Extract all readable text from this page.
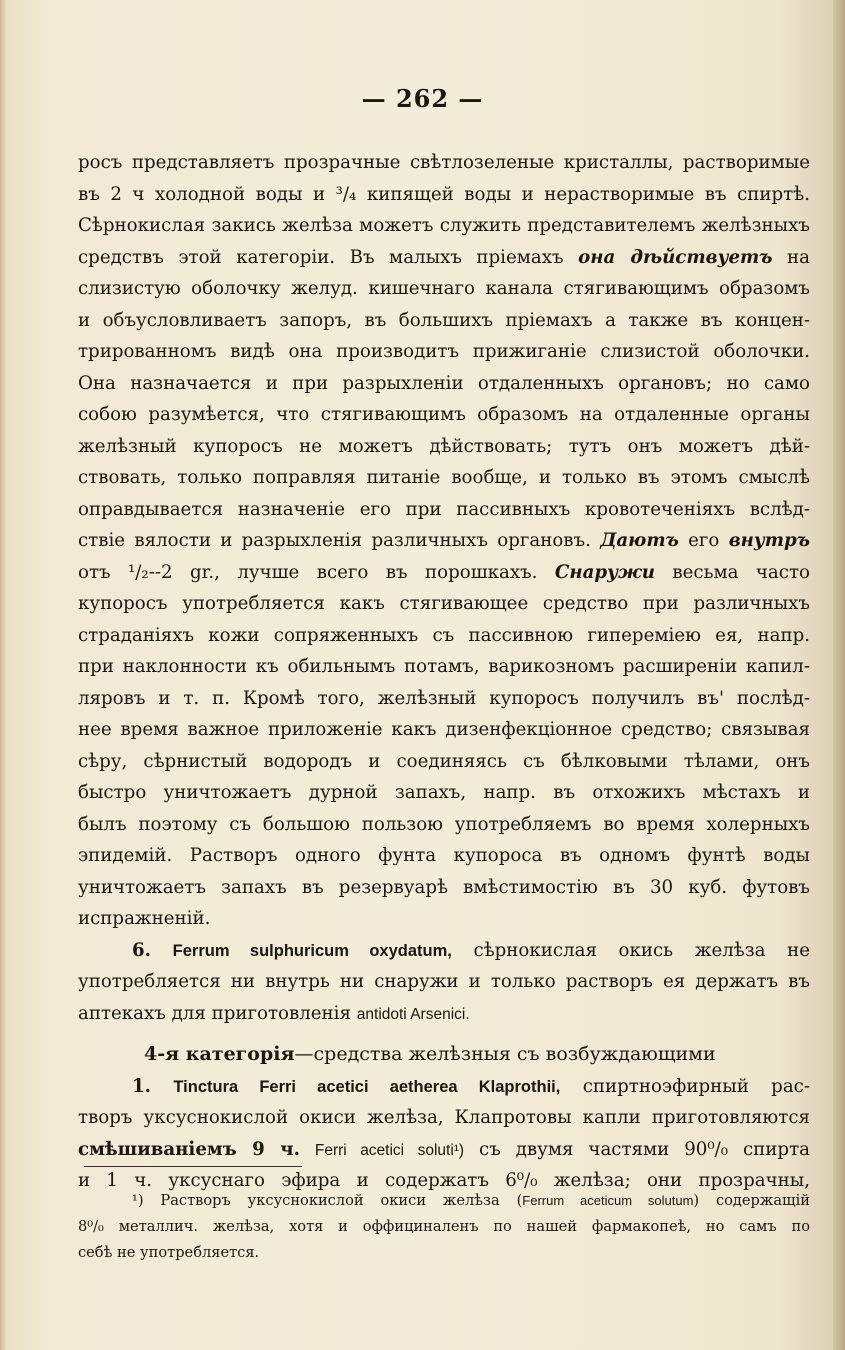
— 262 —
росъ представляетъ прозрачные свѣтлозеленые кристаллы, растворимые
въ 2 ч холодной воды и ³/₄ кипящей воды и нерастворимые въ спиртѣ.
Сѣрнокислая закись желѣза можетъ служить представителемъ желѣзныхъ
средствъ этой категоріи. Въ малыхъ пріемахъ она дѣйствуетъ на
слизистую оболочку желуд. кишечнаго канала стягивающимъ образомъ
и объусловливаетъ запоръ, въ большихъ пріемахъ а также въ концен-
трированномъ видѣ она производитъ прижиганіе слизистой оболочки.
Она назначается и при разрыхленіи отдаленныхъ органовъ; но само
собою разумѣется, что стягивающимъ образомъ на отдаленные органы
желѣзный купоросъ не можетъ дѣйствовать; тутъ онъ можетъ дѣй-
ствовать, только поправляя питаніе вообще, и только въ этомъ смыслѣ
оправдывается назначеніе его при пассивныхъ кровотеченіяхъ вслѣд-
ствіе вялости и разрыхленія различныхъ органовъ. Даютъ его внутръ
отъ ¹/₂--2 gr., лучше всего въ порошкахъ. Снаружи весьма часто
купоросъ употребляется какъ стягивающее средство при различныхъ
страданіяхъ кожи сопряженныхъ съ пассивною гипереміею ея, напр.
при наклонности къ обильнымъ потамъ, варикозномъ расширеніи капил-
ляровъ и т. п. Кромѣ того, желѣзный купоросъ получилъ въ' послѣд-
нее время важное приложеніе какъ дизенфекціонное средство; связывая
сѣру, сѣрнистый водородъ и соединяясь съ бѣлковыми тѣлами, онъ
быстро уничтожаетъ дурной запахъ, напр. въ отхожихъ мѣстахъ и
былъ поэтому съ большою пользою употребляемъ во время холерныхъ
эпидемій. Растворъ одного фунта купороса въ одномъ фунтѣ воды
уничтожаетъ запахъ въ резервуарѣ вмѣстимостію въ 30 куб. футовъ
испражненій.
6. Ferrum sulphuricum oxydatum, сѣрнокислая окись желѣза не
употребляется ни внутрь ни снаружи и только растворъ ея держатъ въ
аптекахъ для приготовленія antidoti Arsenici.
4-я категорія—средства желѣзныя съ возбуждающими
1. Tinctura Ferri acetici aetherea Klaprothii, спиртноэфирный рас-
творъ уксуснокислой окиси желѣза, Клапротовы капли приготовляются
смѣшиваніемъ 9 ч. Ferri acetici soluti¹) съ двумя частями 90⁰/₀ спирта
и 1 ч. уксуснаго эфира и содержатъ 6⁰/₀ желѣза; они прозрачны,
¹) Растворъ уксуснокислой окиси желѣза (Ferrum aceticum solutum) содержащій
8⁰/₀ металлич. желѣза, хотя и оффициналенъ по нашей фармакопеѣ, но самъ по
себѣ не употребляется.
